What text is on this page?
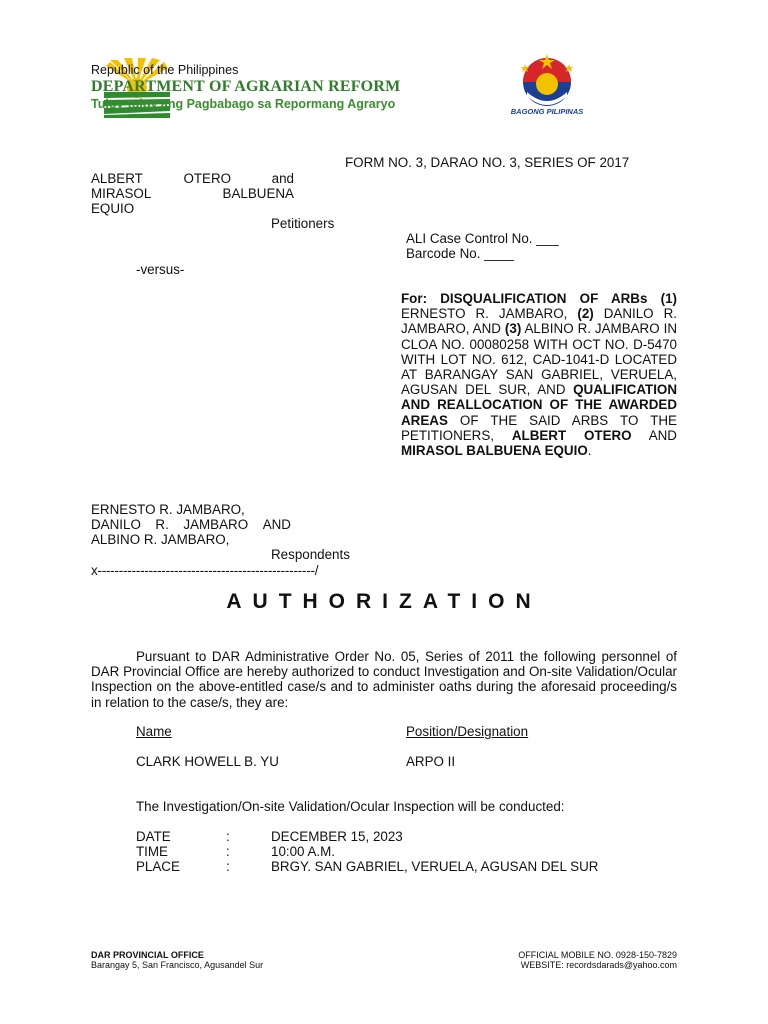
Republic of the Philippines
DEPARTMENT OF AGRARIAN REFORM
Tuloy-tuloy ang Pagbabago sa Repormang Agraryo
BAGONG PILIPINAS
FORM NO. 3, DARAO NO. 3, SERIES OF 2017
ALBERT	OTERO	and
MIRASOL	BALBUENA
EQUIO
Petitioners
ALI Case Control No. ___
Barcode No. ____
-versus-
For: DISQUALIFICATION OF ARBs (1)
ERNESTO R. JAMBARO, (2) DANILO R. JAMBARO, AND (3) ALBINO R. JAMBARO IN CLOA NO. 00080258 WITH OCT NO. D-5470 WITH LOT NO. 612, CAD-1041-D LOCATED AT BARANGAY SAN GABRIEL, VERUELA, AGUSAN DEL SUR, AND QUALIFICATION AND REALLOCATION OF THE AWARDED AREAS OF THE SAID ARBS TO THE PETITIONERS, ALBERT OTERO AND MIRASOL BALBUENA EQUIO.
ERNESTO R. JAMBARO,
DANILO R. JAMBARO AND
ALBINO R. JAMBARO,
Respondents
x---------------------------------------------------/
AUTHORIZATION
Pursuant to DAR Administrative Order No. 05, Series of 2011 the following personnel of DAR Provincial Office are hereby authorized to conduct Investigation and On-site Validation/Ocular Inspection on the above-entitled case/s and to administer oaths during the aforesaid proceeding/s in relation to the case/s, they are:
Name	Position/Designation
CLARK HOWELL B. YU	ARPO II
The Investigation/On-site Validation/Ocular Inspection will be conducted:
DATE	:	DECEMBER 15, 2023
TIME	:	10:00 A.M.
PLACE	:	BRGY. SAN GABRIEL, VERUELA, AGUSAN DEL SUR
DAR PROVINCIAL OFFICE
Barangay 5, San Francisco, Agusandel Sur
OFFICIAL MOBILE NO. 0928-150-7829
WEBSITE: recordsdarads@yahoo.com
